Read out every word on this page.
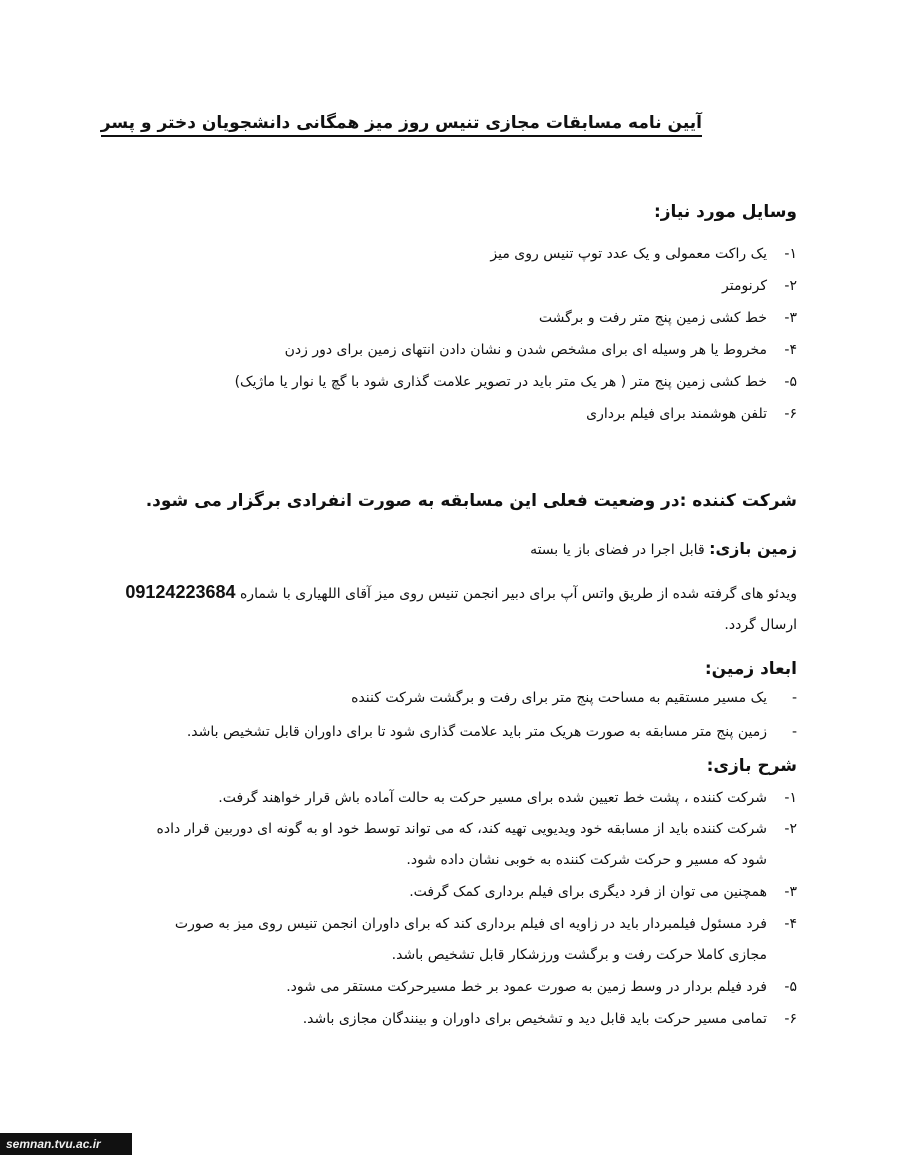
آیین نامه مسابقات مجازی تنیس روز میز همگانی دانشجویان دختر و پسر
وسایل مورد نیاز:
۱-یک راکت معمولی و یک عدد توپ تنیس روی میز
۲-کرنومتر
۳-خط کشی زمین پنج متر رفت و برگشت
۴-مخروط یا هر وسیله ای برای مشخص شدن و نشان دادن انتهای زمین برای دور زدن
۵-خط کشی زمین پنج متر ( هر یک متر باید در تصویر علامت گذاری شود با گچ یا نوار یا ماژیک)
۶-تلفن هوشمند برای فیلم برداری
شرکت کننده :در وضعیت فعلی این مسابقه به صورت انفرادی برگزار می شود.
زمین بازی: قابل اجرا در فضای باز یا بسته
ویدئو های گرفته شده از طریق واتس آپ برای دبیر انجمن تنیس روی میز آقای اللهیاری با شماره 09124223684
ارسال گردد.
ابعاد زمین:
-یک مسیر مستقیم به مساحت پنج متر برای رفت و برگشت شرکت کننده
-زمین پنج متر مسابقه به صورت هریک متر باید علامت گذاری شود تا برای داوران قابل تشخیص باشد.
شرح بازی:
۱-شرکت کننده ، پشت خط تعیین شده برای مسیر حرکت به حالت آماده باش قرار خواهند گرفت.
۲-شرکت کننده باید از مسابقه خود ویدیویی تهیه کند، که می تواند توسط خود او به گونه ای دوربین قرار داده
شود که مسیر و حرکت شرکت کننده به خوبی نشان داده شود.
۳-همچنین می توان از فرد دیگری برای فیلم برداری کمک گرفت.
۴-فرد مسئول فیلمبردار باید در زاویه ای فیلم برداری کند که برای داوران انجمن تنیس روی میز به صورت
مجازی کاملا حرکت رفت و برگشت ورزشکار قابل تشخیص باشد.
۵-فرد فیلم بردار در وسط زمین به صورت عمود بر خط مسیرحرکت مستقر می شود.
۶-تمامی مسیر حرکت باید قابل دید و تشخیص برای داوران و بینندگان مجازی باشد.
semnan.tvu.ac.ir
